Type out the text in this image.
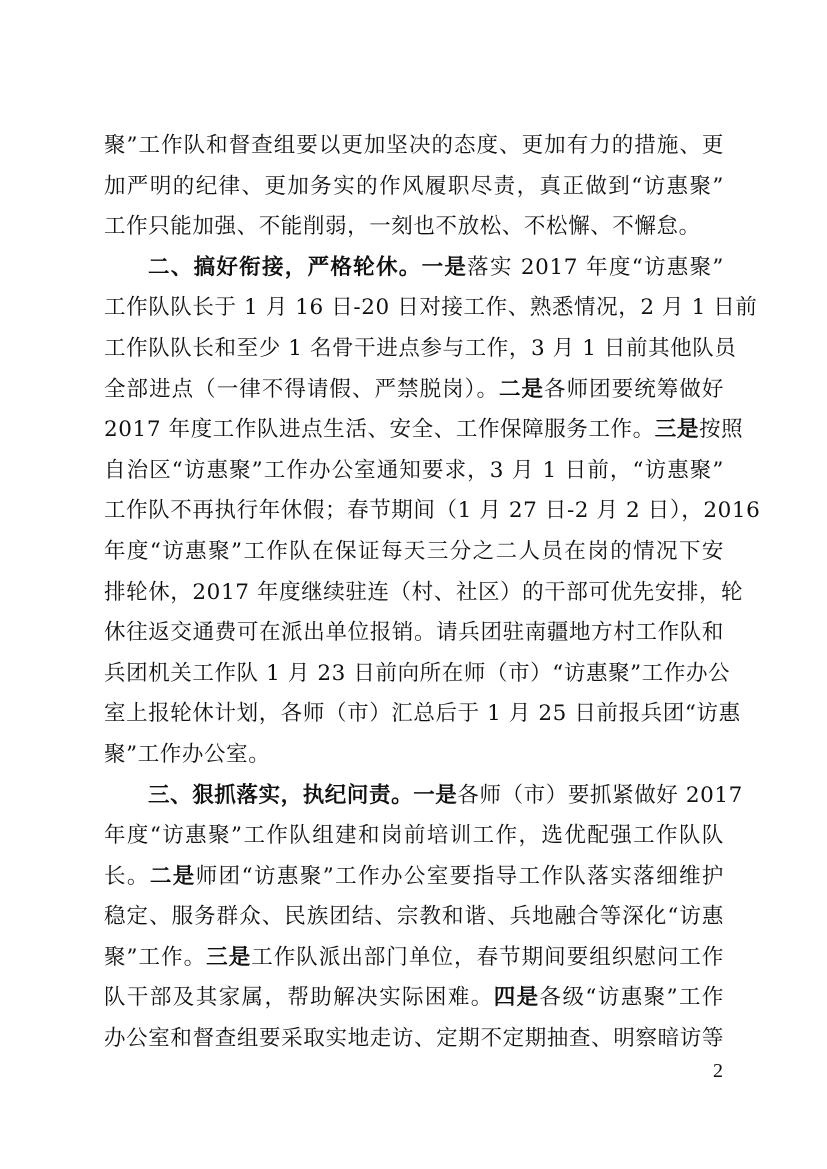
聚”工作队和督查组要以更加坚决的态度、更加有力的措施、更
加严明的纪律、更加务实的作风履职尽责，真正做到“访惠聚”
工作只能加强、不能削弱，一刻也不放松、不松懈、不懈怠。
二、搞好衔接，严格轮休。一是落实 2017 年度“访惠聚”
工作队队长于 1 月 16 日-20 日对接工作、熟悉情况，2 月 1 日前
工作队队长和至少 1 名骨干进点参与工作，3 月 1 日前其他队员
全部进点（一律不得请假、严禁脱岗）。二是各师团要统筹做好
2017 年度工作队进点生活、安全、工作保障服务工作。三是按照
自治区“访惠聚”工作办公室通知要求，3 月 1 日前，“访惠聚”
工作队不再执行年休假；春节期间（1 月 27 日-2 月 2 日），2016
年度“访惠聚”工作队在保证每天三分之二人员在岗的情况下安
排轮休，2017 年度继续驻连（村、社区）的干部可优先安排，轮
休往返交通费可在派出单位报销。请兵团驻南疆地方村工作队和
兵团机关工作队 1 月 23 日前向所在师（市）“访惠聚”工作办公
室上报轮休计划，各师（市）汇总后于 1 月 25 日前报兵团“访惠
聚”工作办公室。
三、狠抓落实，执纪问责。一是各师（市）要抓紧做好 2017
年度“访惠聚”工作队组建和岗前培训工作，选优配强工作队队
长。二是师团“访惠聚”工作办公室要指导工作队落实落细维护
稳定、服务群众、民族团结、宗教和谐、兵地融合等深化“访惠
聚”工作。三是工作队派出部门单位，春节期间要组织慰问工作
队干部及其家属，帮助解决实际困难。四是各级“访惠聚”工作
办公室和督查组要采取实地走访、定期不定期抽查、明察暗访等
2
